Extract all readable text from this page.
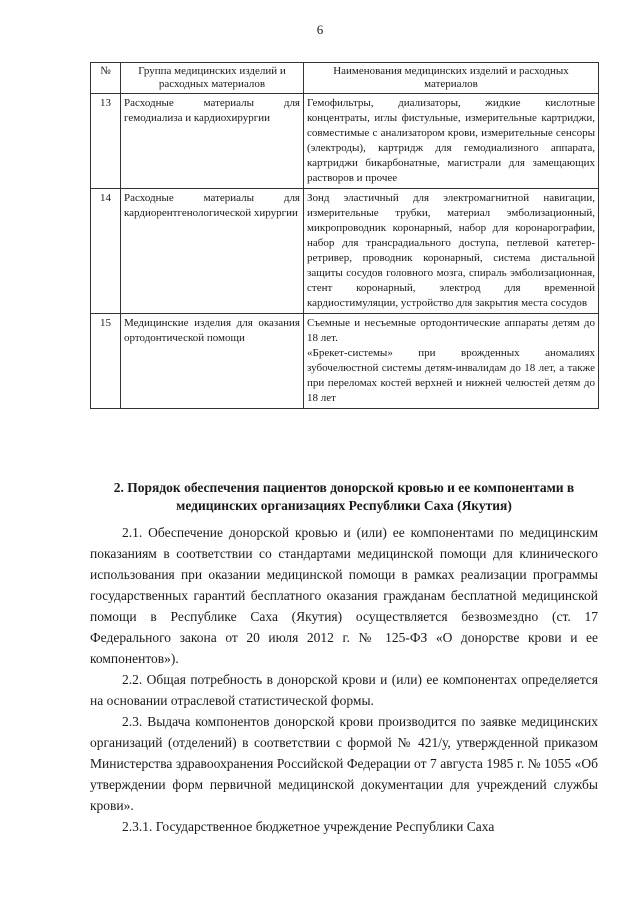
6
№	Группа медицинских изделий и расходных материалов	Наименования медицинских изделий и расходных материалов
13	Расходные материалы для гемодиализа и кардиохирургии	Гемофильтры, диализаторы, жидкие кислотные концентраты, иглы фистульные, измерительные картриджи, совместимые с анализатором крови, измерительные сенсоры (электроды), картридж для гемодиализного аппарата, картриджи бикарбонатные, магистрали для замещающих растворов и прочее
14	Расходные материалы для кардиорентгенологической хирургии	Зонд эластичный для электромагнитной навигации, измерительные трубки, материал эмболизационный, микропроводник коронарный, набор для коронарографии, набор для трансрадиального доступа, петлевой катетер-ретривер, проводник коронарный, система дистальной защиты сосудов головного мозга, спираль эмболизационная, стент коронарный, электрод для временной кардиостимуляции, устройство для закрытия места сосудов
15	Медицинские изделия для оказания ортодонтической помощи	Съемные и несъемные ортодонтические аппараты детям до 18 лет.
«Брекет-системы» при врожденных аномалиях зубочелюстной системы детям-инвалидам до 18 лет, а также при переломах костей верхней и нижней челюстей детям до 18 лет
2. Порядок обеспечения пациентов донорской кровью и ее компонентами в медицинских организациях Республики Саха (Якутия)

2.1. Обеспечение донорской кровью и (или) ее компонентами по медицинским показаниям в соответствии со стандартами медицинской помощи для клинического использования при оказании медицинской помощи в рамках реализации программы государственных гарантий бесплатного оказания гражданам бесплатной медицинской помощи в Республике Саха (Якутия) осуществляется безвозмездно (ст. 17 Федерального закона от 20 июля 2012 г. № 125-ФЗ «О донорстве крови и ее компонентов»).

2.2. Общая потребность в донорской крови и (или) ее компонентах определяется на основании отраслевой статистической формы.

2.3. Выдача компонентов донорской крови производится по заявке медицинских организаций (отделений) в соответствии с формой № 421/у, утвержденной приказом Министерства здравоохранения Российской Федерации от 7 августа 1985 г. № 1055 «Об утверждении форм первичной медицинской документации для учреждений службы крови».

2.3.1. Государственное бюджетное учреждение Республики Саха
